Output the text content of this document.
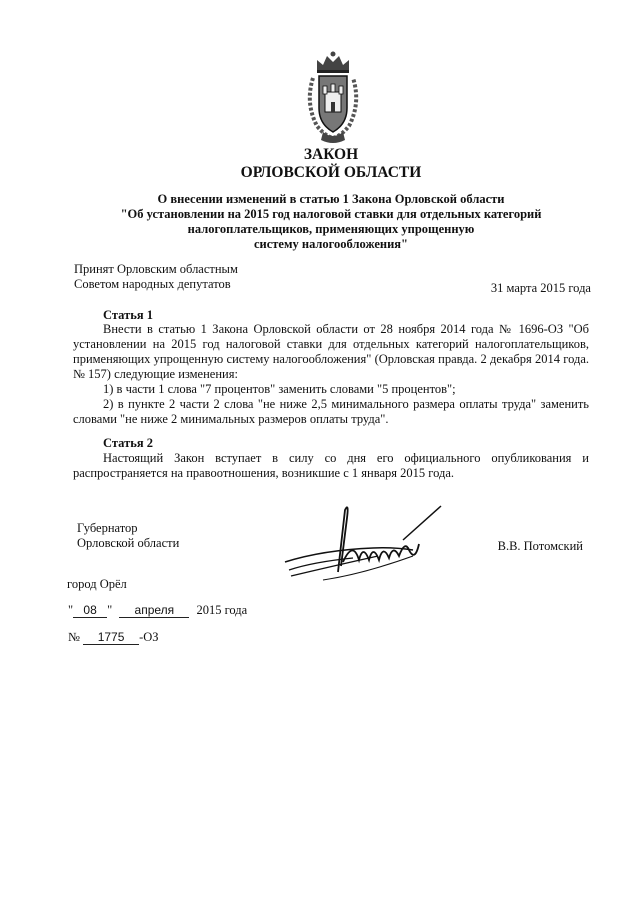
ЗАКОН
ОРЛОВСКОЙ ОБЛАСТИ
О внесении изменений в статью 1 Закона Орловской области
"Об установлении на 2015 год налоговой ставки для отдельных категорий
налогоплательщиков, применяющих упрощенную
систему налогообложения"
Принят Орловским областным
Советом народных депутатов	31 марта 2015 года
Статья 1

Внести в статью 1 Закона Орловской области от 28 ноября 2014 года № 1696-ОЗ "Об установлении на 2015 год налоговой ставки для отдельных категорий налогоплательщиков, применяющих упрощенную систему налогообложения" (Орловская правда. 2 декабря 2014 года. № 157) следующие изменения:

1) в части 1 слова "7 процентов" заменить словами "5 процентов";

2) в пункте 2 части 2 слова "не ниже 2,5 минимального размера оплаты труда" заменить словами "не ниже 2 минимальных размеров оплаты труда".

Статья 2

Настоящий Закон вступает в силу со дня его официального опубликования и распространяется на правоотношения, возникшие с 1 января 2015 года.

Губернатор
Орловской области	В.В. Потомский
город Орёл
" 08 " апреля 2015 года
№ 1775 -ОЗ
